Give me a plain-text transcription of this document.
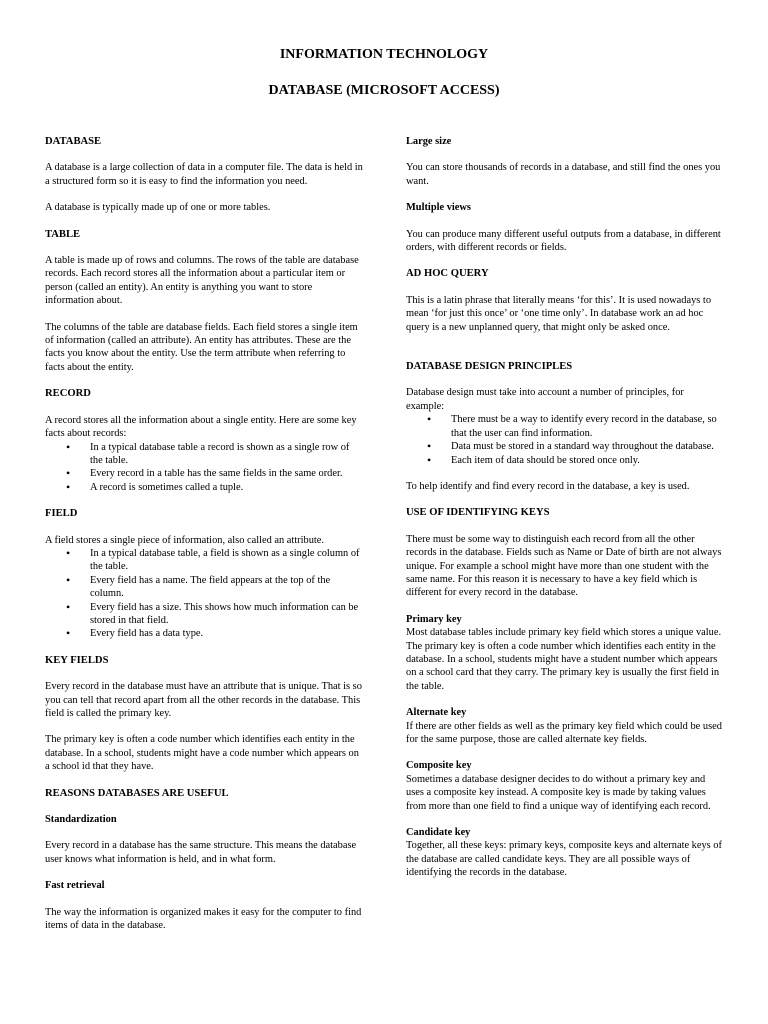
INFORMATION TECHNOLOGY
DATABASE (MICROSOFT ACCESS)
DATABASE

A database is a large collection of data in a computer file. The data is held in a structured form so it is easy to find the information you need.

A database is typically made up of one or more tables.

TABLE

A table is made up of rows and columns. The rows of the table are database records. Each record stores all the information about a particular item or person (called an entity). An entity is anything you want to store information about.

The columns of the table are database fields. Each field stores a single item of information (called an attribute). An entity has attributes. These are the facts you know about the entity. Use the term attribute when referring to facts about the entity.

RECORD

A record stores all the information about a single entity. Here are some key facts about records:

• In a typical database table a record is shown as a single row of the table.
• Every record in a table has the same fields in the same order.
• A record is sometimes called a tuple.
FIELD

A field stores a single piece of information, also called an attribute.

• In a typical database table, a field is shown as a single column of the table.
• Every field has a name. The field appears at the top of the column.
• Every field has a size. This shows how much information can be stored in that field.
• Every field has a data type.
KEY FIELDS

Every record in the database must have an attribute that is unique. That is so you can tell that record apart from all the other records in the database. This field is called the primary key.

The primary key is often a code number which identifies each entity in the database. In a school, students might have a code number which appears on a school id that they have.

REASONS DATABASES ARE USEFUL
Standardization

Every record in a database has the same structure. This means the database user knows what information is held, and in what form.

Fast retrieval

The way the information is organized makes it easy for the computer to find items of data in the database.

Large size

You can store thousands of records in a database, and still find the ones you want.

Multiple views

You can produce many different useful outputs from a database, in different orders, with different records or fields.

AD HOC QUERY

This is a latin phrase that literally means ‘for this’. It is used nowadays to mean ‘for just this once’ or ‘one time only’. In database work an ad hoc query is a new unplanned query, that might only be asked once.

DATABASE DESIGN PRINCIPLES

Database design must take into account a number of principles, for example:

• There must be a way to identify every record in the database, so that the user can find information.
• Data must be stored in a standard way throughout the database.
• Each item of data should be stored once only.

To help identify and find every record in the database, a key is used.

USE OF IDENTIFYING KEYS

There must be some way to distinguish each record from all the other records in the database. Fields such as Name or Date of birth are not always unique. For example a school might have more than one student with the same name. For this reason it is necessary to have a key field which is different for every record in the database.

Primary key

Most database tables include primary key field which stores a unique value. The primary key is often a code number which identifies each entity in the database. In a school, students might have a student number which appears on a school card that they carry. The primary key is usually the first field in the table.

Alternate key

If there are other fields as well as the primary key field which could be used for the same purpose, those are called alternate key fields.

Composite key

Sometimes a database designer decides to do without a primary key and uses a composite key instead. A composite key is made by taking values from more than one field to find a unique way of identifying each record.

Candidate key

Together, all these keys: primary keys, composite keys and alternate keys of the database are called candidate keys. They are all possible ways of identifying the records in the database.
